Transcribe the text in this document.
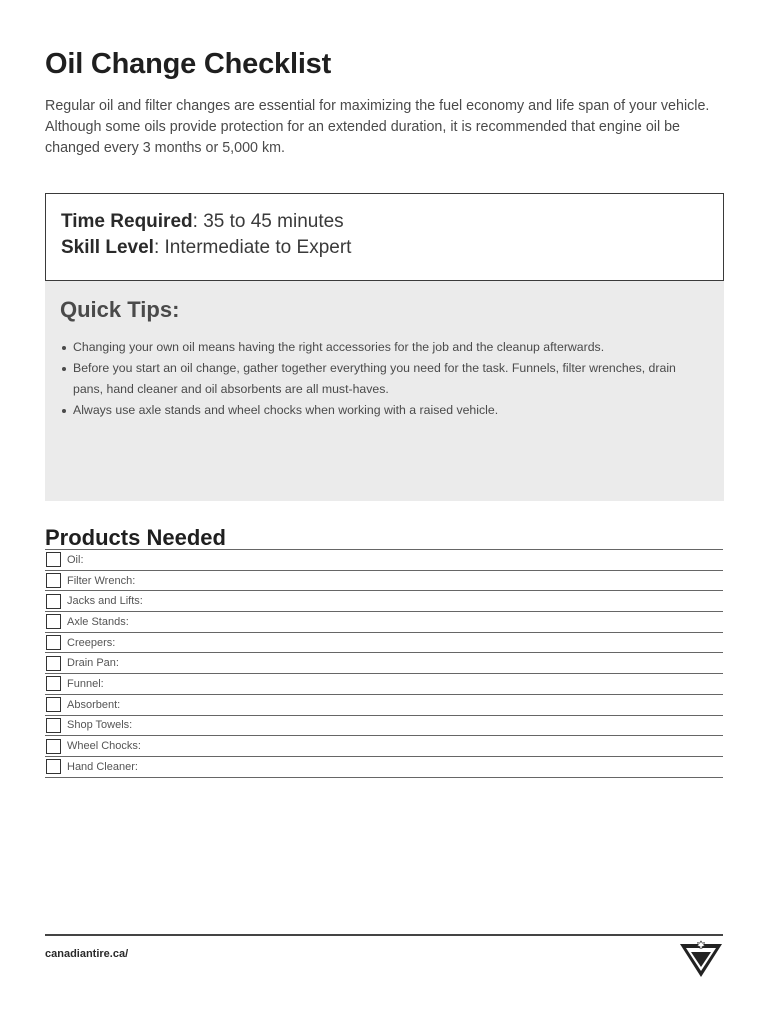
Oil Change Checklist

Regular oil and filter changes are essential for maximizing the fuel economy and life span of your vehicle. Although some oils provide protection for an extended duration, it is recommended that engine oil be changed every 3 months or 5,000 km.

Time Required: 35 to 45 minutes
Skill Level: Intermediate to Expert
Quick Tips:
Changing your own oil means having the right accessories for the job and the cleanup afterwards.
Before you start an oil change, gather together everything you need for the task. Funnels, filter wrenches, drain pans, hand cleaner and oil absorbents are all must-haves.
Always use axle stands and wheel chocks when working with a raised vehicle.
Products Needed
Oil:
Filter Wrench:
Jacks and Lifts:
Axle Stands:
Creepers:
Drain Pan:
Funnel:
Absorbent:
Shop Towels:
Wheel Chocks:
Hand Cleaner:
canadiantire.ca/
